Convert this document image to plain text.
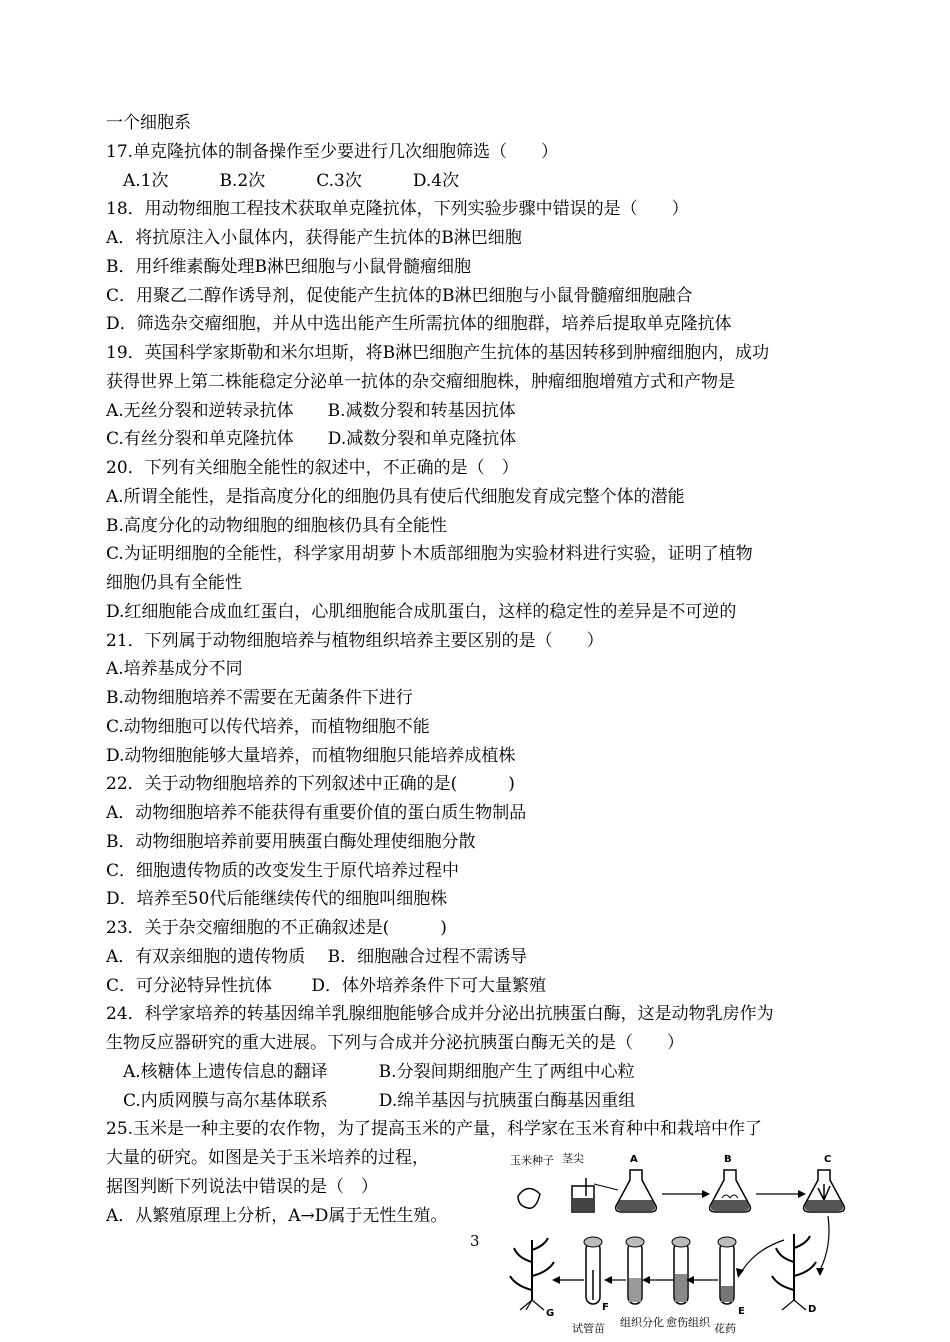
一个细胞系
17.单克隆抗体的制备操作至少要进行几次细胞筛选（　　）
　A.1次　　　B.2次　　　C.3次　　　D.4次
18．用动物细胞工程技术获取单克隆抗体，下列实验步骤中错误的是（　　）
A．将抗原注入小鼠体内，获得能产生抗体的B淋巴细胞
B．用纤维素酶处理B淋巴细胞与小鼠骨髓瘤细胞
C．用聚乙二醇作诱导剂，促使能产生抗体的B淋巴细胞与小鼠骨髓瘤细胞融合
D．筛选杂交瘤细胞，并从中选出能产生所需抗体的细胞群，培养后提取单克隆抗体
19．英国科学家斯勒和米尔坦斯，将B淋巴细胞产生抗体的基因转移到肿瘤细胞内，成功
获得世界上第二株能稳定分泌单一抗体的杂交瘤细胞株，肿瘤细胞增殖方式和产物是
A.无丝分裂和逆转录抗体　　B.减数分裂和转基因抗体
C.有丝分裂和单克隆抗体　　D.减数分裂和单克隆抗体
20．下列有关细胞全能性的叙述中，不正确的是（　）
A.所谓全能性，是指高度分化的细胞仍具有使后代细胞发育成完整个体的潜能
B.高度分化的动物细胞的细胞核仍具有全能性
C.为证明细胞的全能性，科学家用胡萝卜木质部细胞为实验材料进行实验，证明了植物
细胞仍具有全能性
D.红细胞能合成血红蛋白，心肌细胞能合成肌蛋白，这样的稳定性的差异是不可逆的
21．下列属于动物细胞培养与植物组织培养主要区别的是（　　）
A.培养基成分不同
B.动物细胞培养不需要在无菌条件下进行
C.动物细胞可以传代培养，而植物细胞不能
D.动物细胞能够大量培养，而植物细胞只能培养成植株
22．关于动物细胞培养的下列叙述中正确的是(　　　)
A．动物细胞培养不能获得有重要价值的蛋白质生物制品
B．动物细胞培养前要用胰蛋白酶处理使细胞分散
C．细胞遗传物质的改变发生于原代培养过程中
D．培养至50代后能继续传代的细胞叫细胞株
23．关于杂交瘤细胞的不正确叙述是(　　　)
A．有双亲细胞的遗传物质　 B．细胞融合过程不需诱导
C．可分泌特异性抗体　　 D．体外培养条件下可大量繁殖
24．科学家培养的转基因绵羊乳腺细胞能够合成并分泌出抗胰蛋白酶，这是动物乳房作为
生物反应器研究的重大进展。下列与合成并分泌抗胰蛋白酶无关的是（　　）
　A.核糖体上遗传信息的翻译　　　B.分裂间期细胞产生了两组中心粒
　C.内质网膜与高尔基体联系　　　D.绵羊基因与抗胰蛋白酶基因重组
25.玉米是一种主要的农作物，为了提高玉米的产量，科学家在玉米育种中和栽培中作了
大量的研究。如图是关于玉米培养的过程，
据图判断下列说法中错误的是（　）
A．从繁殖原理上分析，A→D属于无性生殖。
3
玉米种子 茎尖	A	B	C
G
F
试管苗 组织分化 愈伤组织
E
花药
D
